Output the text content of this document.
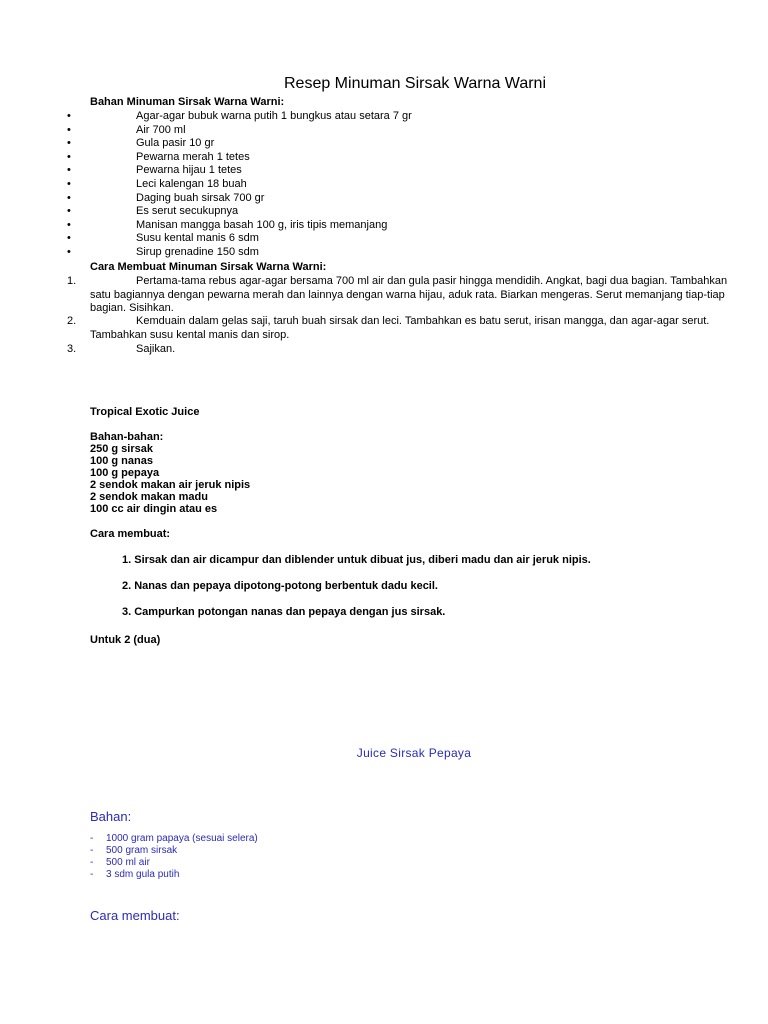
Resep Minuman Sirsak Warna Warni
Bahan Minuman Sirsak Warna Warni:
•	Agar-agar bubuk warna putih 1 bungkus atau setara 7 gr
•	Air 700 ml
•	Gula pasir 10 gr
•	Pewarna merah 1 tetes
•	Pewarna hijau 1 tetes
•	Leci kalengan 18 buah
•	Daging buah sirsak 700 gr
•	Es serut secukupnya
•	Manisan mangga basah 100 g, iris tipis memanjang
•	Susu kental manis 6 sdm
•	Sirup grenadine 150 sdm
Cara Membuat Minuman Sirsak Warna Warni:
1.	Pertama-tama rebus agar-agar bersama 700 ml air dan gula pasir hingga mendidih. Angkat, bagi dua bagian. Tambahkan satu bagiannya dengan pewarna merah dan lainnya dengan warna hijau, aduk rata. Biarkan mengeras. Serut memanjang tiap-tiap bagian. Sisihkan.
2.	Kemduain dalam gelas saji, taruh buah sirsak dan leci. Tambahkan es batu serut, irisan mangga, dan agar-agar serut. Tambahkan susu kental manis dan sirop.
3.	Sajikan.
Tropical Exotic Juice
Bahan-bahan:
250 g sirsak
100 g nanas
100 g pepaya
2 sendok makan air jeruk nipis
2 sendok makan madu
100 cc air dingin atau es
Cara membuat:
1. Sirsak dan air dicampur dan diblender untuk dibuat jus, diberi madu dan air jeruk nipis.
2. Nanas dan pepaya dipotong-potong berbentuk dadu kecil.
3. Campurkan potongan nanas dan pepaya dengan jus sirsak.
Untuk 2 (dua)
Juice Sirsak Pepaya
Bahan:
- 1000 gram papaya (sesuai selera)
- 500 gram sirsak
- 500 ml air
- 3 sdm gula putih
Cara membuat:
